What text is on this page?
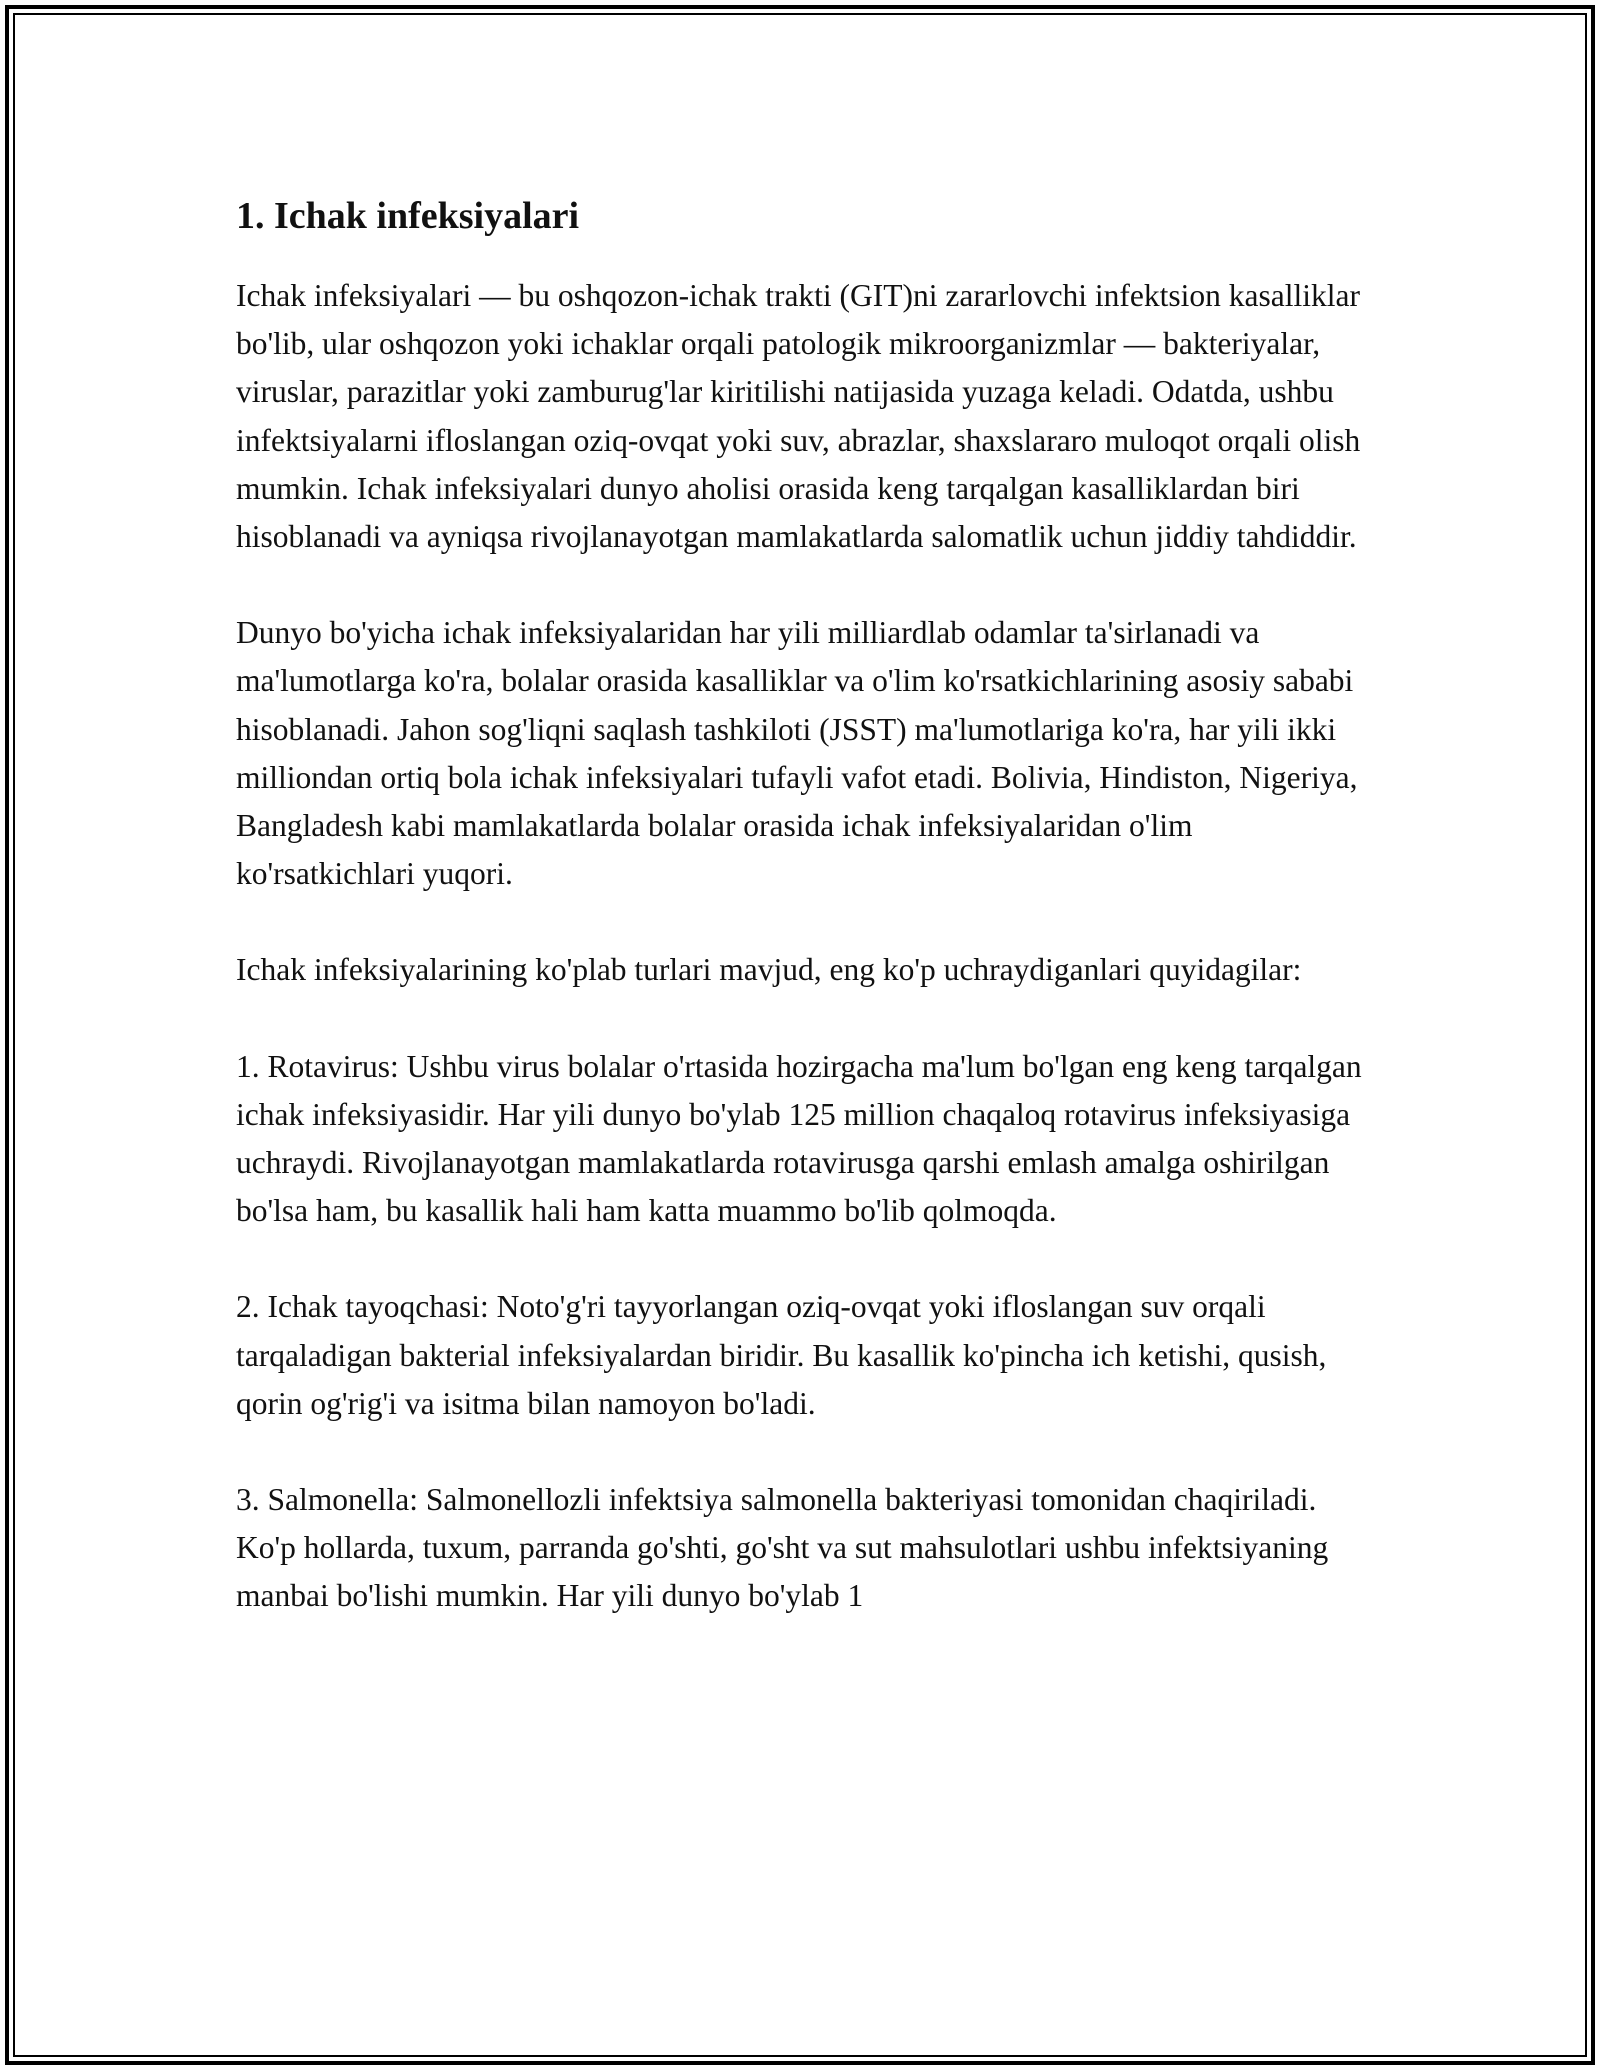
1. Ichak infeksiyalari

Ichak infeksiyalari — bu oshqozon-ichak trakti (GIT)ni zararlovchi infektsion kasalliklar bo'lib, ular oshqozon yoki ichaklar orqali patologik mikroorganizmlar — bakteriyalar, viruslar, parazitlar yoki zamburug'lar kiritilishi natijasida yuzaga keladi. Odatda, ushbu infektsiyalarni ifloslangan oziq-ovqat yoki suv, abrazlar, shaxslararo muloqot orqali olish mumkin. Ichak infeksiyalari dunyo aholisi orasida keng tarqalgan kasalliklardan biri hisoblanadi va ayniqsa rivojlanayotgan mamlakatlarda salomatlik uchun jiddiy tahdiddir.

Dunyo bo'yicha ichak infeksiyalaridan har yili milliardlab odamlar ta'sirlanadi va ma'lumotlarga ko'ra, bolalar orasida kasalliklar va o'lim ko'rsatkichlarining asosiy sababi hisoblanadi. Jahon sog'liqni saqlash tashkiloti (JSST) ma'lumotlariga ko'ra, har yili ikki milliondan ortiq bola ichak infeksiyalari tufayli vafot etadi. Bolivia, Hindiston, Nigeriya, Bangladesh kabi mamlakatlarda bolalar orasida ichak infeksiyalaridan o'lim ko'rsatkichlari yuqori.

Ichak infeksiyalarining ko'plab turlari mavjud, eng ko'p uchraydiganlari quyidagilar:

1. Rotavirus: Ushbu virus bolalar o'rtasida hozirgacha ma'lum bo'lgan eng keng tarqalgan ichak infeksiyasidir. Har yili dunyo bo'ylab 125 million chaqaloq rotavirus infeksiyasiga uchraydi. Rivojlanayotgan mamlakatlarda rotavirusga qarshi emlash amalga oshirilgan bo'lsa ham, bu kasallik hali ham katta muammo bo'lib qolmoqda.

2. Ichak tayoqchasi: Noto'g'ri tayyorlangan oziq-ovqat yoki ifloslangan suv orqali tarqaladigan bakterial infeksiyalardan biridir. Bu kasallik ko'pincha ich ketishi, qusish, qorin og'rig'i va isitma bilan namoyon bo'ladi.

3. Salmonella: Salmonellozli infektsiya salmonella bakteriyasi tomonidan chaqiriladi. Ko'p hollarda, tuxum, parranda go'shti, go'sht va sut mahsulotlari ushbu infektsiyaning manbai bo'lishi mumkin. Har yili dunyo bo'ylab 1
